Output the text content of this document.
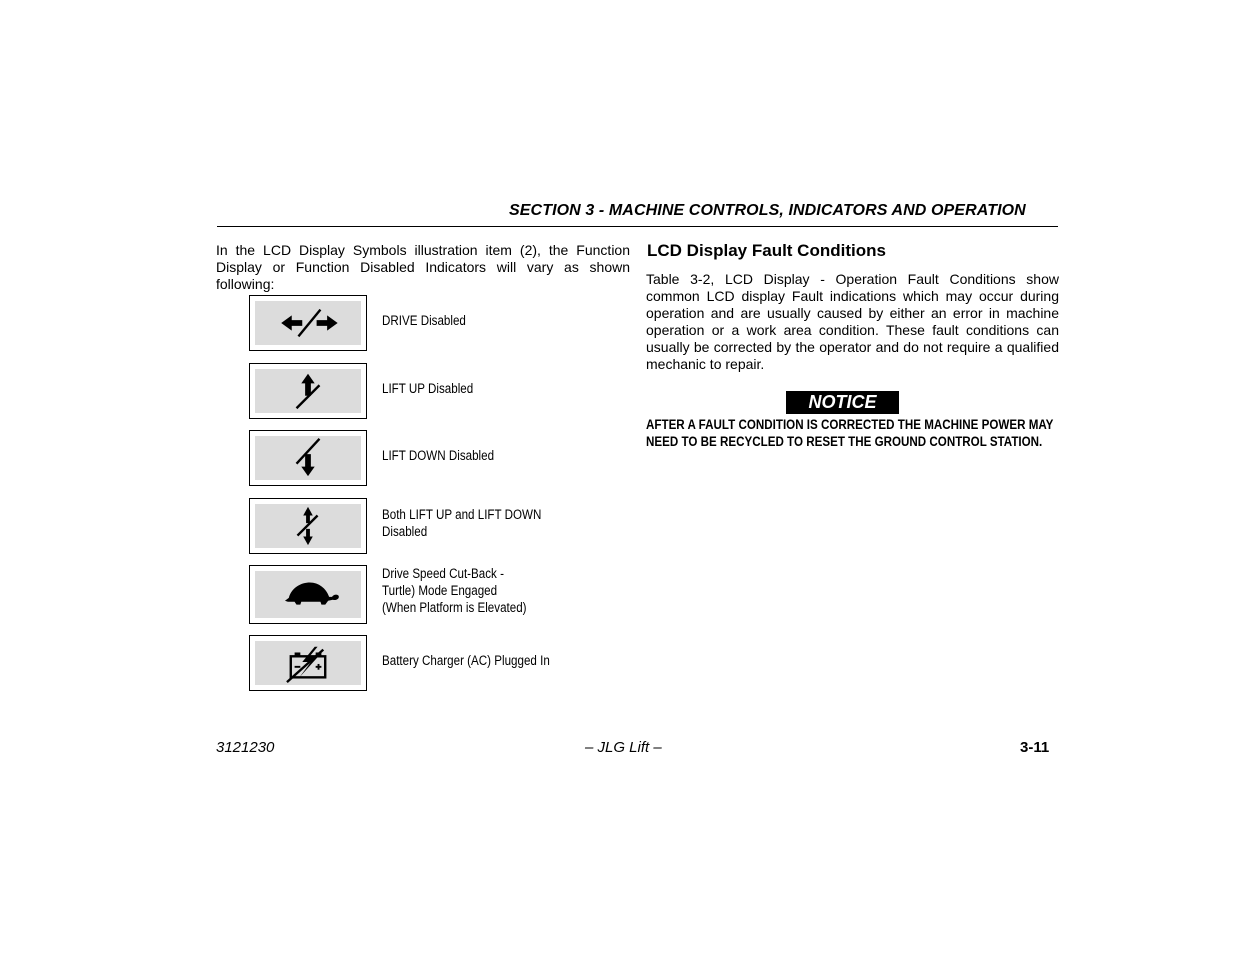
SECTION 3 - MACHINE CONTROLS, INDICATORS AND OPERATION
In the LCD Display Symbols illustration item (2), the Function Display or Function Disabled Indicators will vary as shown following:
DRIVE Disabled
LIFT UP Disabled
LIFT DOWN Disabled
Both LIFT UP and LIFT DOWN
Disabled
Drive Speed Cut-Back -
Turtle) Mode Engaged
(When Platform is Elevated)
Battery Charger (AC) Plugged In
LCD Display Fault Conditions
Table 3-2, LCD Display - Operation Fault Conditions show common LCD display Fault indications which may occur during operation and are usually caused by either an error in machine operation or a work area condition. These fault conditions can usually be corrected by the operator and do not require a qualified mechanic to repair.
NOTICE
AFTER A FAULT CONDITION IS CORRECTED THE MACHINE POWER MAY NEED TO BE RECYCLED TO RESET THE GROUND CONTROL STATION.
3121230	– JLG Lift –	3-11
